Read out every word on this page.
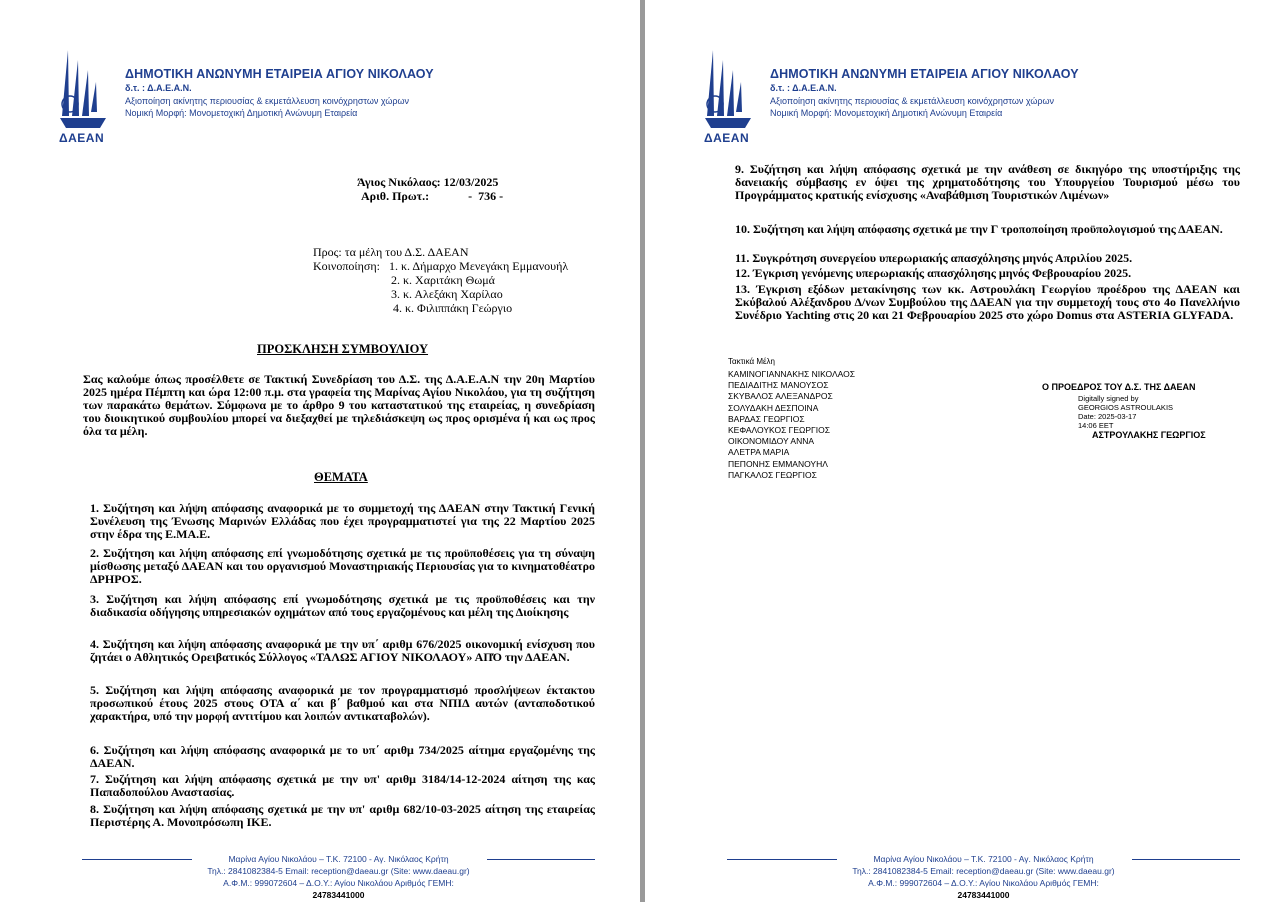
ΔΑΕΑΝ
ΔΗΜΟΤΙΚΗ ΑΝΩΝΥΜΗ ΕΤΑΙΡΕΙΑ ΑΓΙΟΥ ΝΙΚΟΛΑΟΥ
δ.τ. : Δ.Α.Ε.Α.Ν.
Αξιοποίηση ακίνητης περιουσίας & εκμετάλλευση κοινόχρηστων χώρων
Νομική Μορφή: Μονομετοχική Δημοτική Ανώνυμη Εταιρεία
Άγιος Νικόλαος: 12/03/2025
Αριθ. Πρωτ.:             -  736 -
Προς: τα μέλη του Δ.Σ. ΔΑΕΑΝ
Κοινοποίηση: 1. κ. Δήμαρχο Μενεγάκη Εμμανουήλ
2. κ. Χαριτάκη Θωμά
3. κ. Αλεξάκη Χαρίλαο
4. κ. Φιλιππάκη Γεώργιο
ΠΡΟΣΚΛΗΣΗ ΣΥΜΒΟΥΛΙΟΥ
Σας καλούμε όπως προσέλθετε σε Τακτική Συνεδρίαση του Δ.Σ. της Δ.Α.Ε.Α.Ν την 20η Μαρτίου 2025 ημέρα Πέμπτη και ώρα 12:00 π.μ. στα γραφεία της Μαρίνας Αγίου Νικολάου, για τη συζήτηση των παρακάτω θεμάτων. Σύμφωνα με το άρθρο 9 του καταστατικού της εταιρείας, η συνεδρίαση του διοικητικού συμβουλίου μπορεί να διεξαχθεί με τηλεδιάσκεψη ως προς ορισμένα ή και ως προς όλα τα μέλη.
ΘΕΜΑΤΑ
1. Συζήτηση και λήψη απόφασης αναφορικά με το συμμετοχή της ΔΑΕΑΝ στην Τακτική Γενική Συνέλευση της Ένωσης Μαρινών Ελλάδας που έχει προγραμματιστεί για της 22 Μαρτίου 2025 στην έδρα της Ε.ΜΑ.Ε.
2. Συζήτηση και λήψη απόφασης επί γνωμοδότησης σχετικά με τις προϋποθέσεις για τη σύναψη μίσθωσης μεταξύ ΔΑΕΑΝ και του οργανισμού Μοναστηριακής Περιουσίας για το κινηματοθέατρο ΔΡΗΡΟΣ.
3. Συζήτηση και λήψη απόφασης επί γνωμοδότησης σχετικά με τις προϋποθέσεις και την διαδικασία οδήγησης υπηρεσιακών οχημάτων από τους εργαζομένους και μέλη της Διοίκησης
4. Συζήτηση και λήψη απόφασης αναφορικά με την υπ΄ αριθμ 676/2025 οικονομική ενίσχυση που ζητάει ο Αθλητικός Ορειβατικός Σύλλογος «ΤΑΛΩΣ ΑΓΙΟΥ ΝΙΚΟΛΑΟΥ» ΑΠΌ την ΔΑΕΑΝ.
5. Συζήτηση και λήψη απόφασης αναφορικά με τον προγραμματισμό προσλήψεων έκτακτου προσωπικού έτους 2025 στους ΟΤΑ α΄ και β΄ βαθμού και στα ΝΠΙΔ αυτών (ανταποδοτικού χαρακτήρα, υπό την μορφή αντιτίμου και λοιπών αντικαταβολών).
6. Συζήτηση και λήψη απόφασης αναφορικά με το υπ΄ αριθμ 734/2025 αίτημα εργαζομένης της ΔΑΕΑΝ.
7. Συζήτηση και λήψη απόφασης σχετικά με την υπ' αριθμ 3184/14-12-2024 αίτηση της κας Παπαδοπούλου Αναστασίας.
8. Συζήτηση και λήψη απόφασης σχετικά με την υπ' αριθμ 682/10-03-2025 αίτηση της εταιρείας Περιστέρης Α. Μονοπρόσωπη ΙΚΕ.
Μαρίνα Αγίου Νικολάου – Τ.Κ. 72100 - Αγ. Νικόλαος Κρήτη
Τηλ.: 2841082384-5 Email: reception@daeau.gr (Site: www.daeau.gr)
Α.Φ.Μ.: 999072604 – Δ.Ο.Υ.: Αγίου Νικολάου Αριθμός ΓΕΜΗ:
24783441000
ΔΑΕΑΝ
ΔΗΜΟΤΙΚΗ ΑΝΩΝΥΜΗ ΕΤΑΙΡΕΙΑ ΑΓΙΟΥ ΝΙΚΟΛΑΟΥ
δ.τ. : Δ.Α.Ε.Α.Ν.
Αξιοποίηση ακίνητης περιουσίας & εκμετάλλευση κοινόχρηστων χώρων
Νομική Μορφή: Μονομετοχική Δημοτική Ανώνυμη Εταιρεία
9. Συζήτηση και λήψη απόφασης σχετικά με την ανάθεση σε δικηγόρο της υποστήριξης της δανειακής σύμβασης εν όψει της χρηματοδότησης του Υπουργείου Τουρισμού μέσω του Προγράμματος κρατικής ενίσχυσης «Αναβάθμιση Τουριστικών Λιμένων»
10. Συζήτηση και λήψη απόφασης σχετικά με την Γ τροποποίηση προϋπολογισμού της ΔΑΕΑΝ.
11. Συγκρότηση συνεργείου υπερωριακής απασχόλησης μηνός Απριλίου 2025.
12. Έγκριση γενόμενης υπερωριακής απασχόλησης μηνός Φεβρουαρίου 2025.
13. Έγκριση εξόδων μετακίνησης των κκ. Αστρουλάκη Γεωργίου προέδρου της ΔΑΕΑΝ και Σκύβαλού Αλέξανδρου Δ/νων Συμβούλου της ΔΑΕΑΝ για την συμμετοχή τους στο 4ο Πανελλήνιο Συνέδριο Yachting στις 20 και 21 Φεβρουαρίου 2025 στο χώρο Domus στα ASTERIA GLYFADA.
Τακτικά Μέλη
ΚΑΜΙΝΟΓΙΑΝΝΑΚΗΣ ΝΙΚΟΛΑΟΣ
ΠΕΔΙΑΔΙΤΗΣ ΜΑΝΟΥΣΟΣ
ΣΚΥΒΑΛΟΣ ΑΛΕΞΑΝΔΡΟΣ
ΣΟΛΥΔΑΚΗ ΔΕΣΠΟΙΝΑ
ΒΑΡΔΑΣ ΓΕΩΡΓΙΟΣ
ΚΕΦΑΛΟΥΚΟΣ ΓΕΩΡΓΙΟΣ
ΟΙΚΟΝΟΜΙΔΟΥ ΑΝΝΑ
ΑΛΕΤΡΑ ΜΑΡΙΑ
ΠΕΠΟΝΗΣ ΕΜΜΑΝΟΥΗΛ
ΠΑΓΚΑΛΟΣ ΓΕΩΡΓΙΟΣ
Ο ΠΡΟΕΔΡΟΣ ΤΟΥ Δ.Σ. ΤΗΣ ΔΑΕΑΝ
Digitally signed by
GEORGIOS ASTROULAKIS
Date: 2025-03-17
14:06 EET
ΑΣΤΡΟΥΛΑΚΗΣ ΓΕΩΡΓΙΟΣ
Μαρίνα Αγίου Νικολάου – Τ.Κ. 72100 - Αγ. Νικόλαος Κρήτη
Τηλ.: 2841082384-5 Email: reception@daeau.gr (Site: www.daeau.gr)
Α.Φ.Μ.: 999072604 – Δ.Ο.Υ.: Αγίου Νικολάου Αριθμός ΓΕΜΗ:
24783441000
